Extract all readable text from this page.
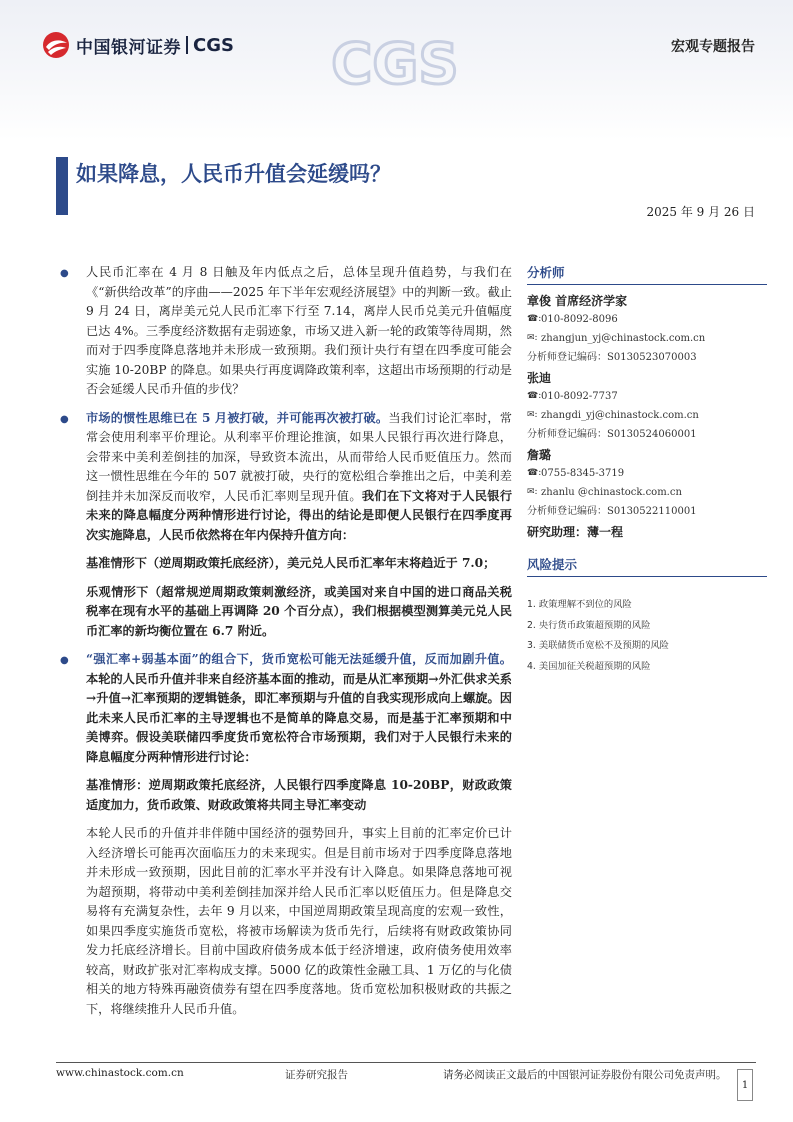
CGS
中国银河证券 CGS	宏观专题报告
如果降息，人民币升值会延缓吗？
2025 年 9 月 26 日
● 人民币汇率在 4 月 8 日触及年内低点之后，总体呈现升值趋势，与我们在《“新供给改革”的序曲——2025 年下半年宏观经济展望》中的判断一致。截止 9 月 24 日，离岸美元兑人民币汇率下行至 7.14，离岸人民币兑美元升值幅度已达 4%。三季度经济数据有走弱迹象，市场又进入新一轮的政策等待周期，然而对于四季度降息落地并未形成一致预期。我们预计央行有望在四季度可能会实施 10-20BP 的降息。如果央行再度调降政策利率，这超出市场预期的行动是否会延缓人民币升值的步伐？
● 市场的惯性思维已在 5 月被打破，并可能再次被打破。当我们讨论汇率时，常常会使用利率平价理论。从利率平价理论推演，如果人民银行再次进行降息，会带来中美利差倒挂的加深，导致资本流出，从而带给人民币贬值压力。然而这一惯性思维在今年的 507 就被打破，央行的宽松组合拳推出之后，中美利差倒挂并未加深反而收窄，人民币汇率则呈现升值。我们在下文将对于人民银行未来的降息幅度分两种情形进行讨论，得出的结论是即便人民银行在四季度再次实施降息，人民币依然将在年内保持升值方向：
基准情形下（逆周期政策托底经济），美元兑人民币汇率年末将趋近于 7.0；
乐观情形下（超常规逆周期政策刺激经济，或美国对来自中国的进口商品关税税率在现有水平的基础上再调降 20 个百分点），我们根据模型测算美元兑人民币汇率的新均衡位置在 6.7 附近。
● “强汇率+弱基本面”的组合下，货币宽松可能无法延缓升值，反而加剧升值。本轮的人民币升值并非来自经济基本面的推动，而是从汇率预期→外汇供求关系→升值→汇率预期的逻辑链条，即汇率预期与升值的自我实现形成向上螺旋。因此未来人民币汇率的主导逻辑也不是简单的降息交易，而是基于汇率预期和中美博弈。假设美联储四季度货币宽松符合市场预期，我们对于人民银行未来的降息幅度分两种情形进行讨论：
基准情形：逆周期政策托底经济，人民银行四季度降息 10-20BP，财政政策适度加力，货币政策、财政政策将共同主导汇率变动
本轮人民币的升值并非伴随中国经济的强势回升，事实上目前的汇率定价已计入经济增长可能再次面临压力的未来现实。但是目前市场对于四季度降息落地并未形成一致预期，因此目前的汇率水平并没有计入降息。如果降息落地可视为超预期，将带动中美利差倒挂加深并给人民币汇率以贬值压力。但是降息交易将有充满复杂性，去年 9 月以来，中国逆周期政策呈现高度的宏观一致性，如果四季度实施货币宽松，将被市场解读为货币先行，后续将有财政政策协同发力托底经济增长。目前中国政府债务成本低于经济增速，政府债务使用效率较高，财政扩张对汇率构成支撑。5000 亿的政策性金融工具、1 万亿的与化债相关的地方特殊再融资债券有望在四季度落地。货币宽松加积极财政的共振之下，将继续推升人民币升值。
分析师
章俊 首席经济学家
☎: 010-8092-8096
✉: zhangjun_yj@chinastock.com.cn
分析师登记编码：S0130523070003
张迪
☎: 010-8092-7737
✉: zhangdi_yj@chinastock.com.cn
分析师登记编码：S0130524060001
詹璐
☎: 0755-8345-3719
✉: zhanlu @chinastock.com.cn
分析师登记编码：S0130522110001
研究助理：薄一程
风险提示
1. 政策理解不到位的风险
2. 央行货币政策超预期的风险
3. 美联储货币宽松不及预期的风险
4. 美国加征关税超预期的风险
www.chinastock.com.cn	证券研究报告	请务必阅读正文最后的中国银河证券股份有限公司免责声明。
1
